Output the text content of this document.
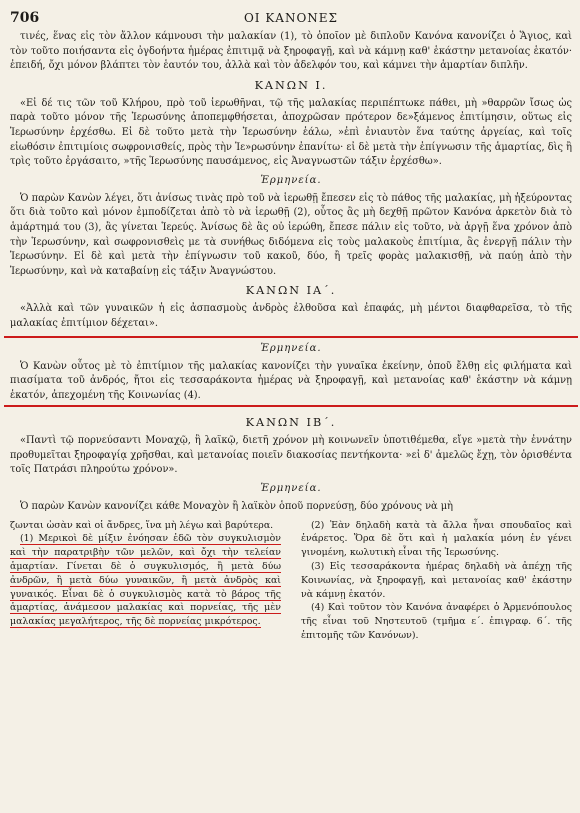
706	ΟΙ ΚΑΝΟΝΕΣ

τινές, ἕνας εἰς τὸν ἄλλον κάμνουσι τὴν μαλακίαν (1), τὸ ὁποῖον μὲ διπλοῦν Κανόνα κανονίζει ὁ Ἅγιος, καὶ τὸν τοῦτο ποιήσαντα εἰς ὀγδοήντα ἡμέρας ἐπιτιμᾷ νὰ ξηροφαγῇ, καὶ νὰ κάμνῃ καθ' ἑκάστην μετανοίας ἑκατόν· ἐπειδή, ὄχι μόνον βλάπτει τὸν ἑαυτόν του, ἀλλὰ καὶ τὸν ἀδελφόν του, καὶ κάμνει τὴν ἁμαρτίαν διπλῆν.

ΚΑΝΩΝ Ι.

«Εἰ δέ τις τῶν τοῦ Κλήρου, πρὸ τοῦ ἱερωθῆναι, τῷ τῆς μαλακίας περιπέπτωκε πάθει, μὴ »θαρρῶν ἴσως ὡς παρὰ τοῦτο μόνον τῆς Ἱερωσύνης ἀποπεμφθήσεται, ἀποχρῶσαν πρότερον δε»ξάμενος ἐπιτίμησιν, οὕτως εἰς Ἱερωσύνην ἐρχέσθω. Εἰ δὲ τοῦτο μετὰ τὴν Ἱερωσύνην ἑάλω, »ἐπὶ ἐνιαυτὸν ἕνα ταύτης ἀργείας, καὶ τοῖς εἰωθόσιν ἐπιτιμίοις σωφρονισθείς, πρὸς τὴν Ἱε»ρωσύνην ἐπανίτω· εἰ δὲ μετὰ τὴν ἐπίγνωσιν τῆς ἁμαρτίας, δὶς ἢ τρὶς τοῦτο ἐργάσαιτο, »τῆς Ἱερωσύνης παυσάμενος, εἰς Ἀναγνωστῶν τάξιν ἐρχέσθω».

Ἑρμηνεία.

Ὁ παρὼν Κανὼν λέγει, ὅτι ἀνίσως τινὰς πρὸ τοῦ νὰ ἱερωθῇ ἔπεσεν εἰς τὸ πάθος τῆς μαλακίας, μὴ ἠξεύροντας ὅτι διὰ τοῦτο καὶ μόνον ἐμποδίζεται ἀπὸ τὸ νὰ ἱερωθῇ (2), οὗτος ἂς μὴ δεχθῇ πρῶτον Κανόνα ἀρκετὸν διὰ τὸ ἁμάρτημά του (3), ἂς γίνεται Ἱερεύς. Ἀνίσως δὲ ἂς οὐ ἱερώθη, ἔπεσε πάλιν εἰς τοῦτο, νὰ ἀργῇ ἕνα χρόνον ἀπὸ τὴν Ἱερωσύνην, καὶ σωφρονισθεὶς με τὰ συνήθως διδόμενα εἰς τοὺς μαλακοὺς ἐπιτίμια, ἂς ἐνεργῇ πάλιν τὴν Ἱερωσύνην. Εἰ δὲ καὶ μετὰ τὴν ἐπίγνωσιν τοῦ κακοῦ, δύο, ἢ τρεῖς φορὰς μαλακισθῇ, νὰ παύῃ ἀπὸ τὴν Ἱερωσύνην, καὶ νὰ καταβαίνῃ εἰς τάξιν Ἀναγνώστου.

ΚΑΝΩΝ ΙΑ΄.

«Ἀλλὰ καὶ τῶν γυναικῶν ἡ εἰς ἀσπασμοὺς ἀνδρὸς ἐλθοῦσα καὶ ἐπαφάς, μὴ μέντοι διαφθαρεῖσα, τὸ τῆς μαλακίας ἐπιτίμιον δέχεται».

Ἑρμηνεία.

Ὁ Κανὼν οὗτος μὲ τὸ ἐπιτίμιον τῆς μαλακίας κανονίζει τὴν γυναῖκα ἐκείνην, ὁποῦ ἔλθῃ εἰς φιλήματα καὶ πιασίματα τοῦ ἀνδρός, ἤτοι εἰς τεσσαράκοντα ἡμέρας νὰ ξηροφαγῇ, καὶ μετανοίας καθ' ἑκάστην νὰ κάμνῃ ἑκατόν, ἀπεχομένη τῆς Κοινωνίας (4).

ΚΑΝΩΝ ΙΒ΄.

«Παντὶ τῷ πορνεύσαντι Μοναχῷ, ἢ λαϊκῷ, διετῆ χρόνον μὴ κοινωνεῖν ὑποτιθέμεθα, εἴγε »μετὰ τὴν ἐννάτην προθυμεῖται ξηροφαγίᾳ χρῆσθαι, καὶ μετανοίας ποιεῖν διακοσίας πεντήκοντα· »εἰ δ' ἀμελῶς ἔχῃ, τὸν ὁρισθέντα τοῖς Πατράσι πληρούτω χρόνον».

Ἑρμηνεία.

Ὁ παρὼν Κανὼν κανονίζει κάθε Μοναχὸν ἢ λαϊκὸν ὁποῦ πορνεύσῃ, δύο χρόνους νὰ μὴ

ζωνται ὡσὰν καὶ οἱ ἄνδρες, ἵνα μὴ λέγω καὶ βαρύτερα.

(1) Μερικοὶ δὲ μίξιν ἐνόησαν ἐδῶ τὸν συγκυλισμὸν καὶ τὴν παρατριβὴν τῶν μελῶν, καὶ ὄχι τὴν τελείαν ἁμαρτίαν. Γίνεται δὲ ὁ συγκυλισμός, ἢ μετὰ δύω ἀνδρῶν, ἢ μετὰ δύω γυναικῶν, ἢ μετὰ ἀνδρὸς καὶ γυναικός. Εἶναι δὲ ὁ συγκυλισμὸς κατὰ τὸ βάρος τῆς ἁμαρτίας, ἀνάμεσον μαλακίας καὶ πορνείας, τῆς μὲν μαλακίας μεγαλήτερος, τῆς δὲ πορνείας μικρότερος.

(2) Ἐὰν δηλαδὴ κατὰ τὰ ἄλλα ἦναι σπουδαῖος καὶ ἐνάρετος. Ὅρα δὲ ὅτι καὶ ἡ μαλακία μόνη ἐν γένει γινομένη, κωλυτικὴ εἶναι τῆς Ἱερωσύνης.

(3) Εἰς τεσσαράκοντα ἡμέρας δηλαδὴ νὰ ἀπέχῃ τῆς Κοινωνίας, νὰ ξηροφαγῇ, καὶ μετανοίας καθ' ἑκάστην νὰ κάμνῃ ἑκατόν.

(4) Καὶ τοῦτον τὸν Κανόνα ἀναφέρει ὁ Ἀρμενόπουλος τῆς εἶναι τοῦ Νηστευτοῦ (τμῆμα ε΄. ἐπιγραφ. 6΄. τῆς ἐπιτομῆς τῶν Κανόνων).
